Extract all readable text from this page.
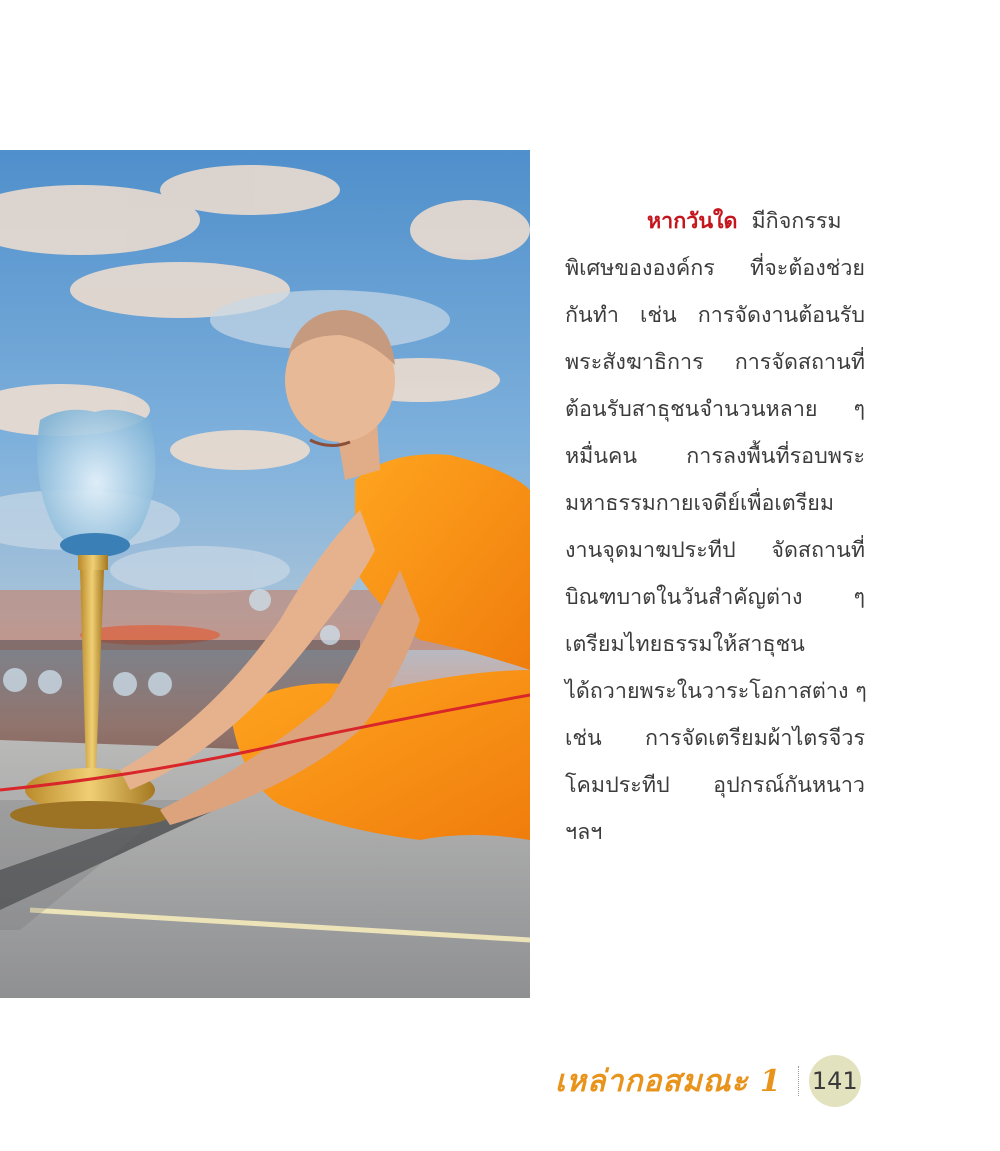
หากวันใด มีกิจกรรม
พิเศษขององค์กร ที่จะต้องช่วย
กันทำ เช่น การจัดงานต้อนรับ
พระสังฆาธิการ การจัดสถานที่
ต้อนรับสาธุชนจำนวนหลาย ๆ
หมื่นคน การลงพื้นที่รอบพระ
มหาธรรมกายเจดีย์เพื่อเตรียม
งานจุดมาฆประทีป จัดสถานที่
บิณฑบาตในวันสำคัญต่าง ๆ
เตรียมไทยธรรมให้สาธุชน
ได้ถวายพระในวาระโอกาสต่าง ๆ
เช่น การจัดเตรียมผ้าไตรจีวร
โคมประทีป อุปกรณ์กันหนาว
ฯลฯ
เหล่ากอสมณะ 1 141
